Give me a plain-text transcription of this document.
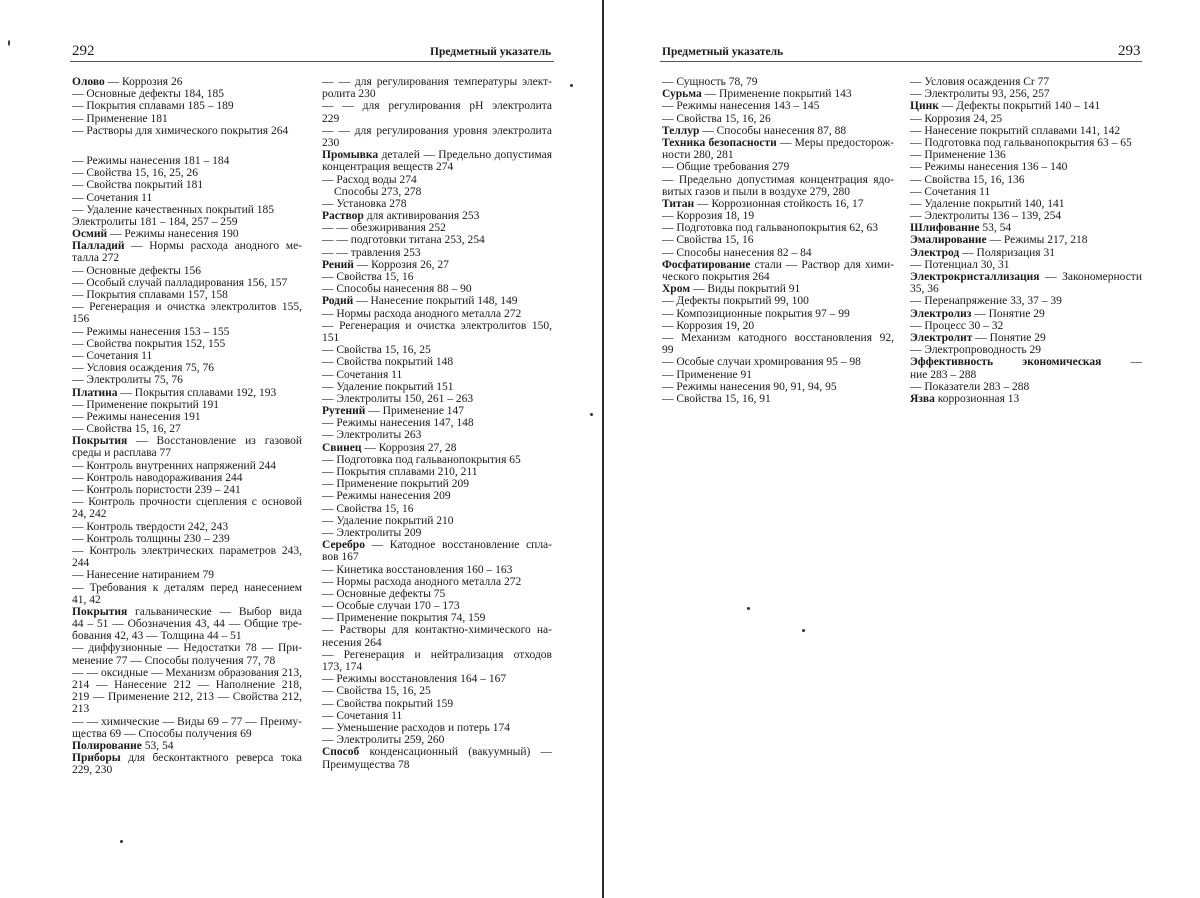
292	Предметный указатель
Олово — Коррозия 26
— Основные дефекты 184, 185
— Покрытия сплавами 185 – 189
— Применение 181
— Растворы для химического покрытия 264
— Режимы нанесения 181 – 184
— Свойства 15, 16, 25, 26
— Свойства покрытий 181
— Сочетания 11
— Удаление качественных покрытий 185
Электролиты 181 – 184, 257 – 259
Осмий — Режимы нанесения 190
Палладий — Нормы расхода анодного ме-
талла 272
— Основные дефекты 156
— Особый случай палладирования 156, 157
— Покрытия сплавами 157, 158
— Регенерация и очистка электролитов 155,
156
— Режимы нанесения 153 – 155
— Свойства покрытия 152, 155
— Сочетания 11
— Условия осаждения 75, 76
— Электролиты 75, 76
Платина — Покрытия сплавами 192, 193
— Применение покрытий 191
— Режимы нанесения 191
— Свойства 15, 16, 27
Покрытия — Восстановление из газовой
среды и расплава 77
— Контроль внутренних напряжений 244
— Контроль наводораживания 244
— Контроль пористости 239 – 241
— Контроль прочности сцепления с основой
24, 242
— Контроль твердости 242, 243
— Контроль толщины 230 – 239
— Контроль электрических параметров 243,
244
— Нанесение натиранием 79
— Требования к деталям перед нанесением
41, 42
Покрытия гальванические — Выбор вида
44 – 51 — Обозначения 43, 44 — Общие тре-
бования 42, 43 — Толщина 44 – 51
— диффузионные — Недостатки 78 — При-
менение 77 — Способы получения 77, 78
— — оксидные — Механизм образования 213,
214 — Нанесение 212 — Наполнение 218,
219 — Применение 212, 213 — Свойства 212,
213
— — химические — Виды 69 – 77 — Преиму-
щества 69 — Способы получения 69
Полирование 53, 54
Приборы для бесконтактного реверса тока
229, 230
— — для регулирования температуры элект-
ролита 230
— — для регулирования pH электролита
229
— — для регулирования уровня электролита
230
Промывка деталей — Предельно допустимая
концентрация веществ 274
— Расход воды 274
Способы 273, 278
— Установка 278
Раствор для активирования 253
— — обезжиривания 252
— — подготовки титана 253, 254
— — травления 253
Рений — Коррозия 26, 27
— Свойства 15, 16
— Способы нанесения 88 – 90
Родий — Нанесение покрытий 148, 149
— Нормы расхода анодного металла 272
— Регенерация и очистка электролитов 150,
151
— Свойства 15, 16, 25
— Свойства покрытий 148
— Сочетания 11
— Удаление покрытий 151
— Электролиты 150, 261 – 263
Рутений — Применение 147
— Режимы нанесения 147, 148
— Электролиты 263
Свинец — Коррозия 27, 28
— Подготовка под гальванопокрытия 65
— Покрытия сплавами 210, 211
— Применение покрытий 209
— Режимы нанесения 209
— Свойства 15, 16
— Удаление покрытий 210
— Электролиты 209
Серебро — Катодное восстановление спла-
вов 167
— Кинетика восстановления 160 – 163
— Нормы расхода анодного металла 272
— Основные дефекты 75
— Особые случаи 170 – 173
— Применение покрытия 74, 159
— Растворы для контактно-химического на-
несения 264
— Регенерация и нейтрализация отходов
173, 174
— Режимы восстановления 164 – 167
— Свойства 15, 16, 25
— Свойства покрытий 159
— Сочетания 11
— Уменьшение расходов и потерь 174
— Электролиты 259, 260
Способ конденсационный (вакуумный) —
Преимущества 78
Предметный указатель	293
— Сущность 78, 79
Сурьма — Применение покрытий 143
— Режимы нанесения 143 – 145
— Свойства 15, 16, 26
Теллур — Способы нанесения 87, 88
Техника безопасности — Меры предосторож-
ности 280, 281
— Общие требования 279
— Предельно допустимая концентрация ядо-
витых газов и пыли в воздухе 279, 280
Титан — Коррозионная стойкость 16, 17
— Коррозия 18, 19
— Подготовка под гальванопокрытия 62, 63
— Свойства 15, 16
— Способы нанесения 82 – 84
Фосфатирование стали — Раствор для хими-
ческого покрытия 264
Хром — Виды покрытий 91
— Дефекты покрытий 99, 100
— Композиционные покрытия 97 – 99
— Коррозия 19, 20
— Механизм катодного восстановления 92,
99
— Особые случаи хромирования 95 – 98
— Применение 91
— Режимы нанесения 90, 91, 94, 95
— Свойства 15, 16, 91
— Условия осаждения Cr 77
— Электролиты 93, 256, 257
Цинк — Дефекты покрытий 140 – 141
— Коррозия 24, 25
— Нанесение покрытий сплавами 141, 142
— Подготовка под гальванопокрытия 63 – 65
— Применение 136
— Режимы нанесения 136 – 140
— Свойства 15, 16, 136
— Сочетания 11
— Удаление покрытий 140, 141
— Электролиты 136 – 139, 254
Шлифование 53, 54
Эмалирование — Режимы 217, 218
Электрод — Поляризация 31
— Потенциал 30, 31
Электрокристаллизация — Закономерности
35, 36
— Перенапряжение 33, 37 – 39
Электролиз — Понятие 29
— Процесс 30 – 32
Электролит — Понятие 29
— Электропроводность 29
Эффективность экономическая	—
ние 283 – 288
— Показатели 283 – 288
Язва коррозионная 13
